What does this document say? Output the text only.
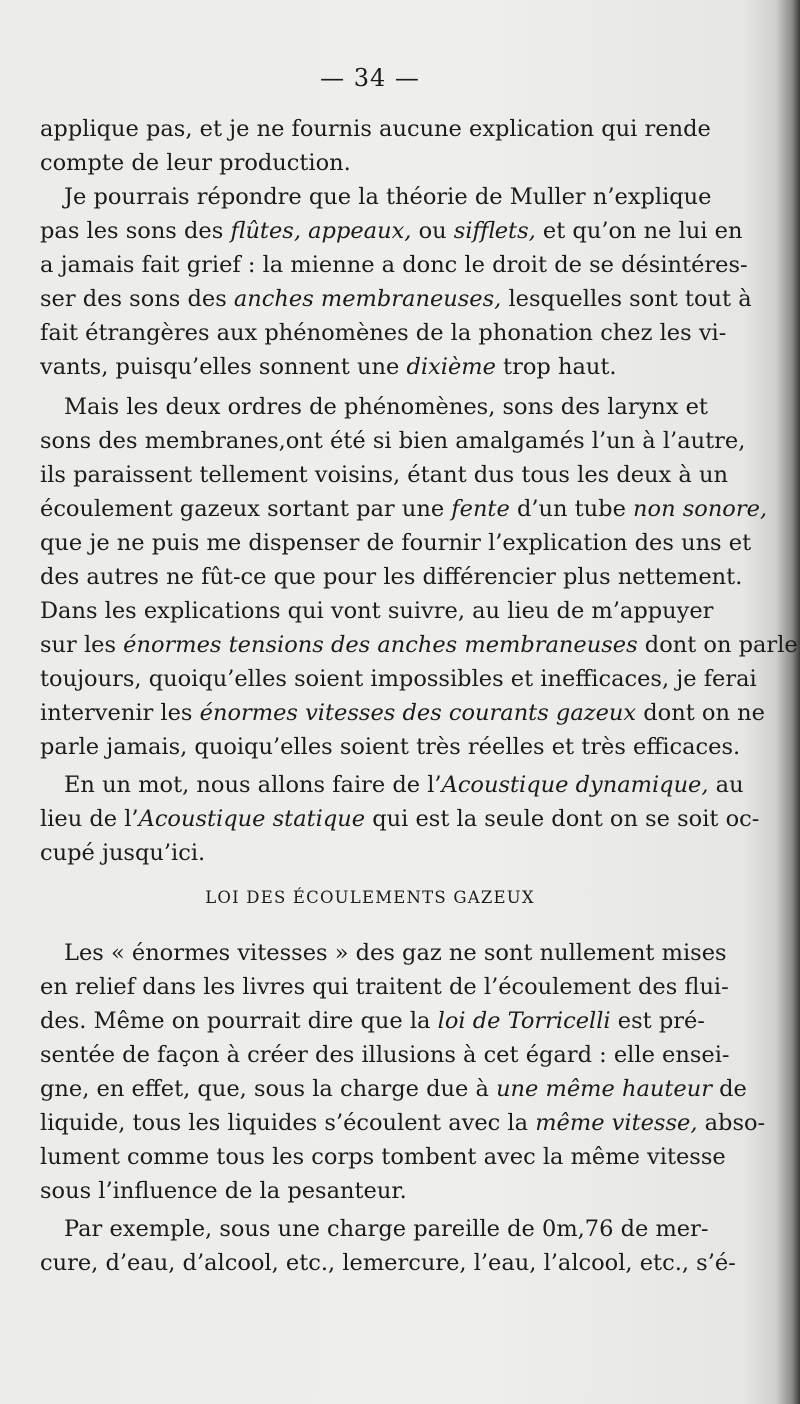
— 34 —
applique pas, et je ne fournis aucune explication qui rende
compte de leur production.
Je pourrais répondre que la théorie de Muller n’explique
pas les sons des flûtes, appeaux, ou sifflets, et qu’on ne lui en
a jamais fait grief : la mienne a donc le droit de se désintéres-
ser des sons des anches membraneuses, lesquelles sont tout à
fait étrangères aux phénomènes de la phonation chez les vi-
vants, puisqu’elles sonnent une dixième trop haut.
Mais les deux ordres de phénomènes, sons des larynx et
sons des membranes,ont été si bien amalgamés l’un à l’autre,
ils paraissent tellement voisins, étant dus tous les deux à un
écoulement gazeux sortant par une fente d’un tube non sonore,
que je ne puis me dispenser de fournir l’explication des uns et
des autres ne fût-ce que pour les différencier plus nettement.
Dans les explications qui vont suivre, au lieu de m’appuyer
sur les énormes tensions des anches membraneuses dont on parle
toujours, quoiqu’elles soient impossibles et inefficaces, je ferai
intervenir les énormes vitesses des courants gazeux dont on ne
parle jamais, quoiqu’elles soient très réelles et très efficaces.
En un mot, nous allons faire de l’Acoustique dynamique, au
lieu de l’Acoustique statique qui est la seule dont on se soit oc-
cupé jusqu’ici.
Les « énormes vitesses » des gaz ne sont nullement mises
en relief dans les livres qui traitent de l’écoulement des flui-
des. Même on pourrait dire que la loi de Torricelli est pré-
sentée de façon à créer des illusions à cet égard : elle ensei-
gne, en effet, que, sous la charge due à une même hauteur de
liquide, tous les liquides s’écoulent avec la même vitesse, abso-
lument comme tous les corps tombent avec la même vitesse
sous l’influence de la pesanteur.
Par exemple, sous une charge pareille de 0m,76 de mer-
cure, d’eau, d’alcool, etc., lemercure, l’eau, l’alcool, etc., s’é-
LOI DES ÉCOULEMENTS GAZEUX
